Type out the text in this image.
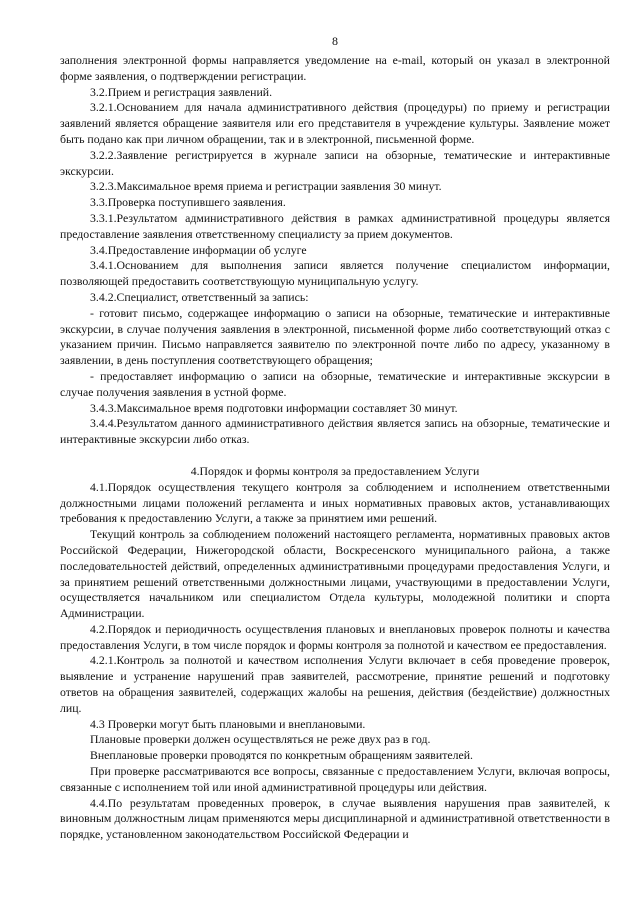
8

заполнения электронной формы направляется уведомление на e-mail, который он указал в электронной форме заявления, о подтверждении регистрации.

3.2.Прием и регистрация заявлений.

3.2.1.Основанием для начала административного действия (процедуры) по приему и регистрации заявлений является обращение заявителя или его представителя в учреждение культуры. Заявление может быть подано как при личном обращении, так и в электронной, письменной форме.

3.2.2.Заявление регистрируется в журнале записи на обзорные, тематические и интерактивные экскурсии.

3.2.3.Максимальное время приема и регистрации заявления 30 минут.

3.3.Проверка поступившего заявления.

3.3.1.Результатом административного действия в рамках административной процедуры является предоставление заявления ответственному специалисту за прием документов.

3.4.Предоставление информации об услуге

3.4.1.Основанием для выполнения записи является получение специалистом информации, позволяющей предоставить соответствующую муниципальную услугу.

3.4.2.Специалист, ответственный за запись:

- готовит письмо, содержащее информацию о записи на обзорные, тематические и интерактивные экскурсии, в случае получения заявления в электронной, письменной форме либо соответствующий отказ с указанием причин. Письмо направляется заявителю по электронной почте либо по адресу, указанному в заявлении, в день поступления соответствующего обращения;

- предоставляет информацию о записи на обзорные, тематические и интерактивные экскурсии в случае получения заявления в устной форме.

3.4.3.Максимальное время подготовки информации составляет 30 минут.

3.4.4.Результатом данного административного действия является запись на обзорные, тематические и интерактивные экскурсии либо отказ.

4.Порядок и формы контроля за предоставлением Услуги

4.1.Порядок осуществления текущего контроля за соблюдением и исполнением ответственными должностными лицами положений регламента и иных нормативных правовых актов, устанавливающих требования к предоставлению Услуги, а также за принятием ими решений.

Текущий контроль за соблюдением положений настоящего регламента, нормативных правовых актов Российской Федерации, Нижегородской области, Воскресенского муниципального района, а также последовательностей действий, определенных административными процедурами предоставления Услуги, и за принятием решений ответственными должностными лицами, участвующими в предоставлении Услуги, осуществляется начальником или специалистом Отдела культуры, молодежной политики и спорта Администрации.

4.2.Порядок и периодичность осуществления плановых и внеплановых проверок полноты и качества предоставления Услуги, в том числе порядок и формы контроля за полнотой и качеством ее предоставления.

4.2.1.Контроль за полнотой и качеством исполнения Услуги включает в себя проведение проверок, выявление и устранение нарушений прав заявителей, рассмотрение, принятие решений и подготовку ответов на обращения заявителей, содержащих жалобы на решения, действия (бездействие) должностных лиц.

4.3 Проверки могут быть плановыми и внеплановыми.

Плановые проверки должен осуществляться не реже двух раз в год.

Внеплановые проверки проводятся по конкретным обращениям заявителей.

При проверке рассматриваются все вопросы, связанные с предоставлением Услуги, включая вопросы, связанные с исполнением той или иной административной процедуры или действия.

4.4.По результатам проведенных проверок, в случае выявления нарушения прав заявителей, к виновным должностным лицам применяются меры дисциплинарной и административной ответственности в порядке, установленном законодательством Российской Федерации и
